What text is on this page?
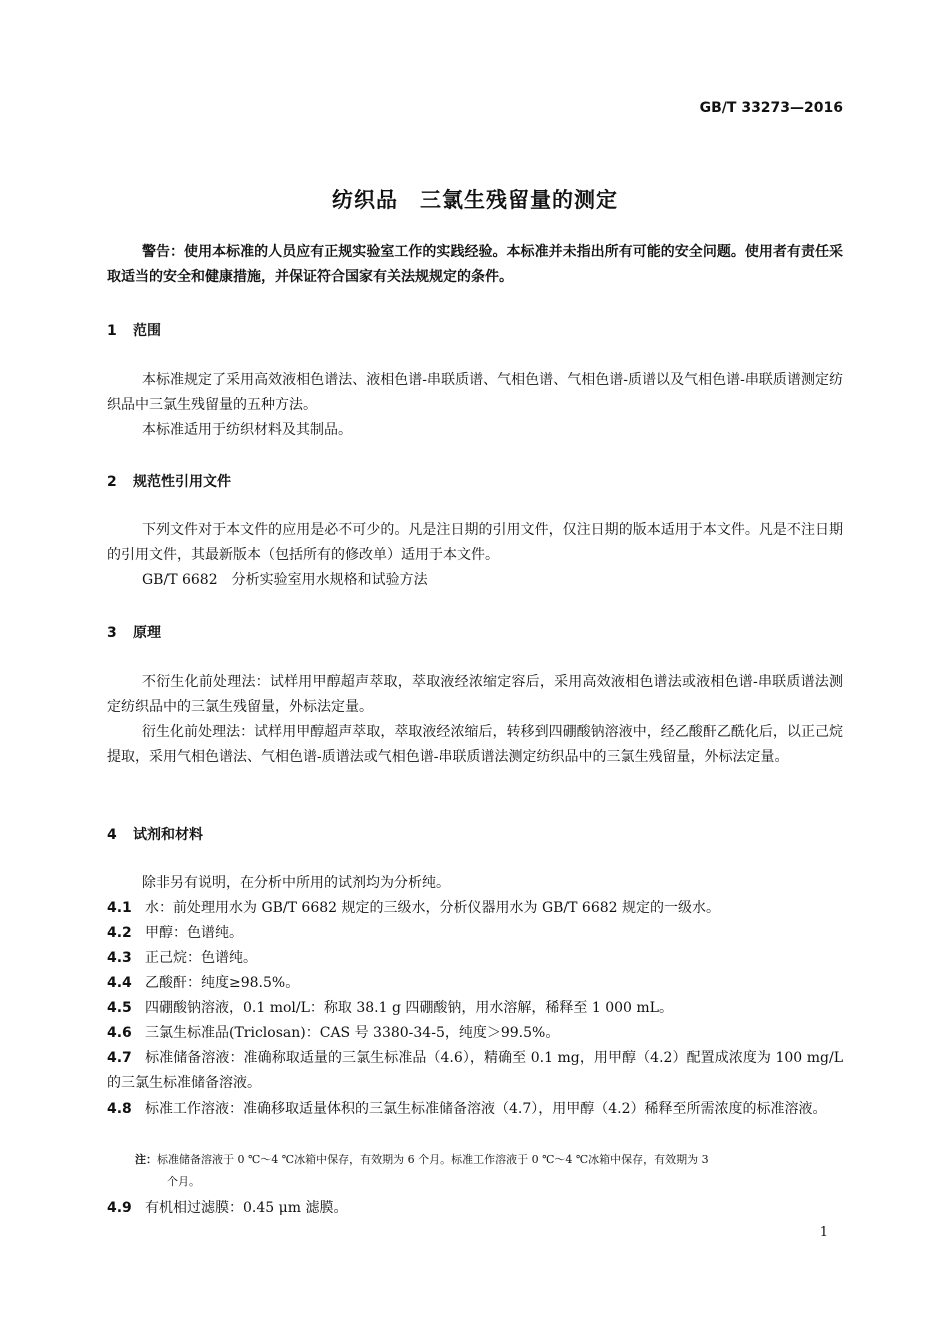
GB/T 33273—2016
纺织品　三氯生残留量的测定
警告：使用本标准的人员应有正规实验室工作的实践经验。本标准并未指出所有可能的安全问题。使用者有责任采取适当的安全和健康措施，并保证符合国家有关法规规定的条件。
1 范围
本标准规定了采用高效液相色谱法、液相色谱-串联质谱、气相色谱、气相色谱-质谱以及气相色谱-串联质谱测定纺织品中三氯生残留量的五种方法。
本标准适用于纺织材料及其制品。
2 规范性引用文件
下列文件对于本文件的应用是必不可少的。凡是注日期的引用文件，仅注日期的版本适用于本文件。凡是不注日期的引用文件，其最新版本（包括所有的修改单）适用于本文件。
GB/T 6682　分析实验室用水规格和试验方法
3 原理
不衍生化前处理法：试样用甲醇超声萃取，萃取液经浓缩定容后，采用高效液相色谱法或液相色谱-串联质谱法测定纺织品中的三氯生残留量，外标法定量。
衍生化前处理法：试样用甲醇超声萃取，萃取液经浓缩后，转移到四硼酸钠溶液中，经乙酸酐乙酰化后，以正己烷提取，采用气相色谱法、气相色谱-质谱法或气相色谱-串联质谱法测定纺织品中的三氯生残留量，外标法定量。
4 试剂和材料
除非另有说明，在分析中所用的试剂均为分析纯。
4.1 水：前处理用水为 GB/T 6682 规定的三级水，分析仪器用水为 GB/T 6682 规定的一级水。
4.2 甲醇：色谱纯。
4.3 正己烷：色谱纯。
4.4 乙酸酐：纯度≥98.5%。
4.5 四硼酸钠溶液，0.1 mol/L：称取 38.1 g 四硼酸钠，用水溶解，稀释至 1 000 mL。
4.6 三氯生标准品(Triclosan)：CAS 号 3380-34-5，纯度＞99.5%。
4.7 标准储备溶液：准确称取适量的三氯生标准品（4.6），精确至 0.1 mg，用甲醇（4.2）配置成浓度为 100 mg/L 的三氯生标准储备溶液。
4.8 标准工作溶液：准确移取适量体积的三氯生标准储备溶液（4.7），用甲醇（4.2）稀释至所需浓度的标准溶液。
注：标准储备溶液于 0 ℃～4 ℃冰箱中保存，有效期为 6 个月。标准工作溶液于 0 ℃～4 ℃冰箱中保存，有效期为 3
个月。
4.9 有机相过滤膜：0.45 μm 滤膜。
1
